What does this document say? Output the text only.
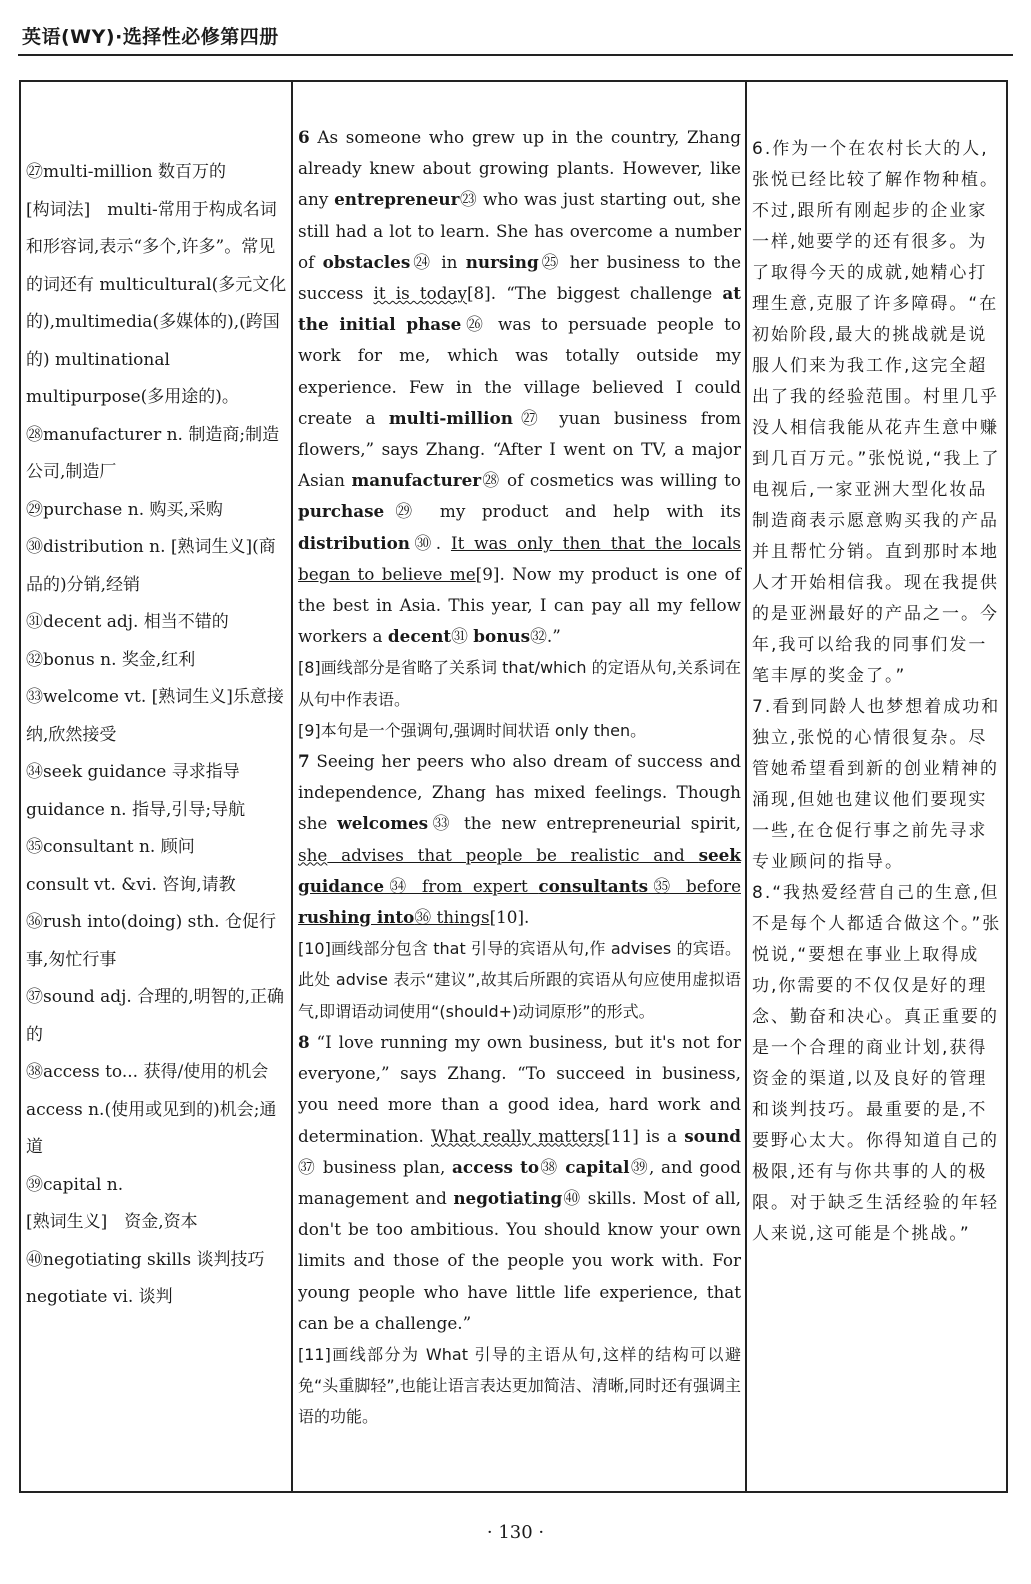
英语(WY)·选择性必修第四册

㉗multi-million 数百万的

[构词法]　multi-常用于构成名词和形容词,表示“多个,许多”。常见的词还有 multicultural(多元文化的),multimedia(多媒体的),(跨国的) multinational multipurpose(多用途的)。

㉘manufacturer n. 制造商;制造公司,制造厂

㉙purchase n. 购买,采购

㉚distribution n. [熟词生义](商品的)分销,经销

㉛decent adj. 相当不错的

㉜bonus n. 奖金,红利

㉝welcome vt. [熟词生义]乐意接纳,欣然接受

㉞seek guidance 寻求指导

guidance n. 指导,引导;导航

㉟consultant n. 顾问

consult vt. &vi. 咨询,请教

㊱rush into(doing) sth. 仓促行事,匆忙行事

㊲sound adj. 合理的,明智的,正确的

㊳access to... 获得/使用的机会

access n.(使用或见到的)机会;通道

㊴capital n.

[熟词生义]　资金,资本

㊵negotiating skills 谈判技巧

negotiate vi. 谈判

6 As someone who grew up in the country, Zhang already knew about growing plants. However, like any entrepreneur㉓ who was just starting out, she still had a lot to learn. She has overcome a number of obstacles㉔ in nursing㉕ her business to the success it is today[8]. “The biggest challenge at the initial phase㉖ was to persuade people to work for me, which was totally outside my experience. Few in the village believed I could create a multi-million㉗ yuan business from flowers,” says Zhang. “After I went on TV, a major Asian manufacturer㉘ of cosmetics was willing to purchase㉙ my product and help with its distribution㉚. It was only then that the locals began to believe me[9]. Now my product is one of the best in Asia. This year, I can pay all my fellow workers a decent㉛ bonus㉜.”

[8]画线部分是省略了关系词 that/which 的定语从句,关系词在从句中作表语。

[9]本句是一个强调句,强调时间状语 only then。

7 Seeing her peers who also dream of success and independence, Zhang has mixed feelings. Though she welcomes㉝ the new entrepreneurial spirit, she advises that people be realistic and seek guidance㉞ from expert consultants㉟ before rushing into㊱ things[10].

[10]画线部分包含 that 引导的宾语从句,作 advises 的宾语。此处 advise 表示“建议”,故其后所跟的宾语从句应使用虚拟语气,即谓语动词使用“(should+)动词原形”的形式。

8 “I love running my own business, but it's not for everyone,” says Zhang. “To succeed in business, you need more than a good idea, hard work and determination. What really matters[11] is a sound㊲ business plan, access to㊳ capital㊴, and good management and negotiating㊵ skills. Most of all, don't be too ambitious. You should know your own limits and those of the people you work with. For young people who have little life experience, that can be a challenge.”

[11]画线部分为 What 引导的主语从句,这样的结构可以避免“头重脚轻”,也能让语言表达更加简洁、清晰,同时还有强调主语的功能。

6.作为一个在农村长大的人,张悦已经比较了解作物种植。不过,跟所有刚起步的企业家一样,她要学的还有很多。为了取得今天的成就,她精心打理生意,克服了许多障碍。“在初始阶段,最大的挑战就是说服人们来为我工作,这完全超出了我的经验范围。村里几乎没人相信我能从花卉生意中赚到几百万元。”张悦说,“我上了电视后,一家亚洲大型化妆品制造商表示愿意购买我的产品并且帮忙分销。直到那时本地人才开始相信我。现在我提供的是亚洲最好的产品之一。今年,我可以给我的同事们发一笔丰厚的奖金了。”

7.看到同龄人也梦想着成功和独立,张悦的心情很复杂。尽管她希望看到新的创业精神的涌现,但她也建议他们要现实一些,在仓促行事之前先寻求专业顾问的指导。

8.“我热爱经营自己的生意,但不是每个人都适合做这个。”张悦说,“要想在事业上取得成功,你需要的不仅仅是好的理念、勤奋和决心。真正重要的是一个合理的商业计划,获得资金的渠道,以及良好的管理和谈判技巧。最重要的是,不要野心太大。你得知道自己的极限,还有与你共事的人的极限。对于缺乏生活经验的年轻人来说,这可能是个挑战。”

· 130 ·
